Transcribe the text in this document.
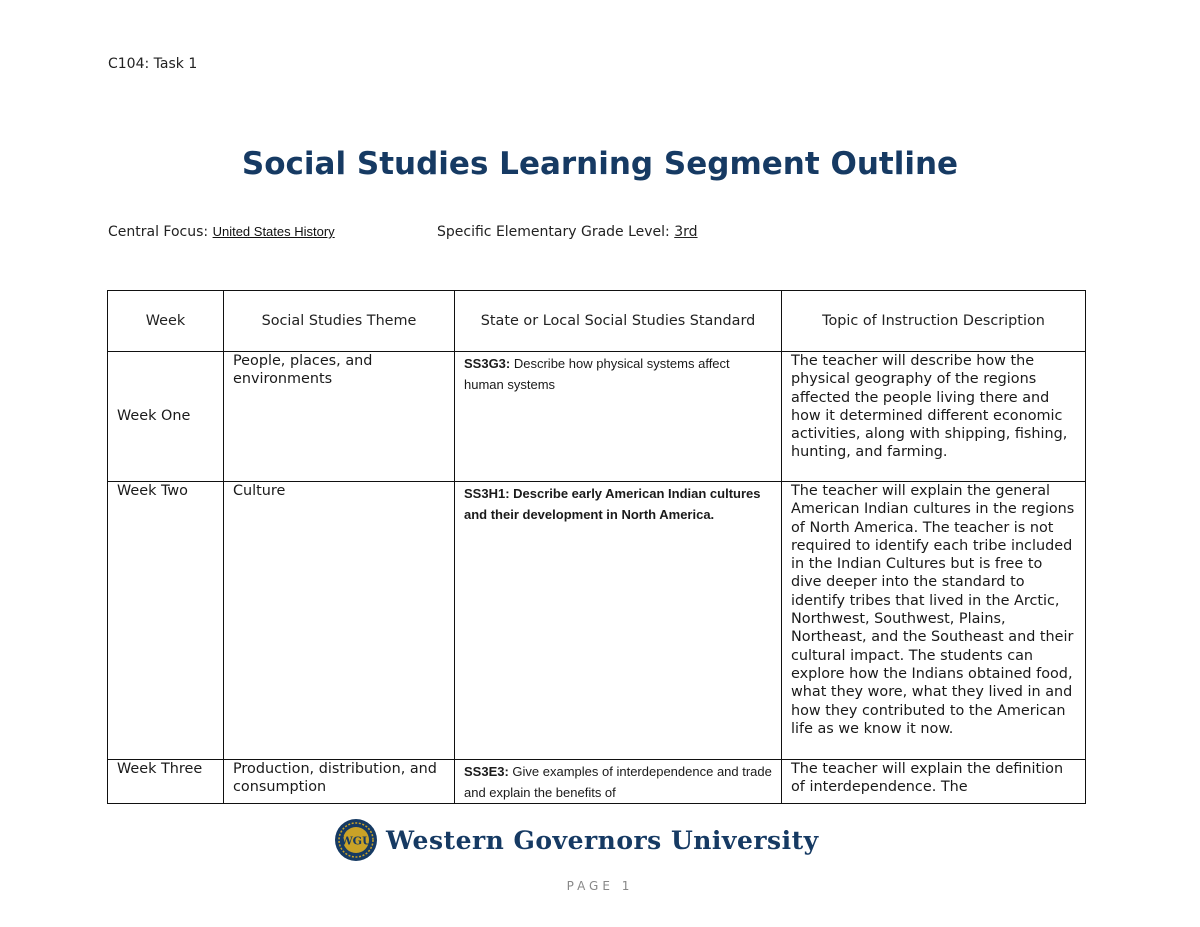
C104: Task 1
Social Studies Learning Segment Outline
Central Focus: United States History	Specific Elementary Grade Level: 3rd
Week	Social Studies Theme	State or Local Social Studies Standard	Topic of Instruction Description
Week One	People, places, and environments	SS3G3: Describe how physical systems affect human systems	The teacher will describe how the physical geography of the regions affected the people living there and how it determined different economic activities, along with shipping, fishing, hunting, and farming.
Week Two	Culture	SS3H1: Describe early American Indian cultures and their development in North America.	The teacher will explain the general American Indian cultures in the regions of North America. The teacher is not required to identify each tribe included in the Indian Cultures but is free to dive deeper into the standard to identify tribes that lived in the Arctic, Northwest, Southwest, Plains, Northeast, and the Southeast and their cultural impact. The students can explore how the Indians obtained food, what they wore, what they lived in and how they contributed to the American life as we know it now.
Week Three	Production, distribution, and consumption	SS3E3: Give examples of interdependence and trade and explain the benefits of	The teacher will explain the definition of interdependence. The
WGU Western Governors University
PAGE 1
